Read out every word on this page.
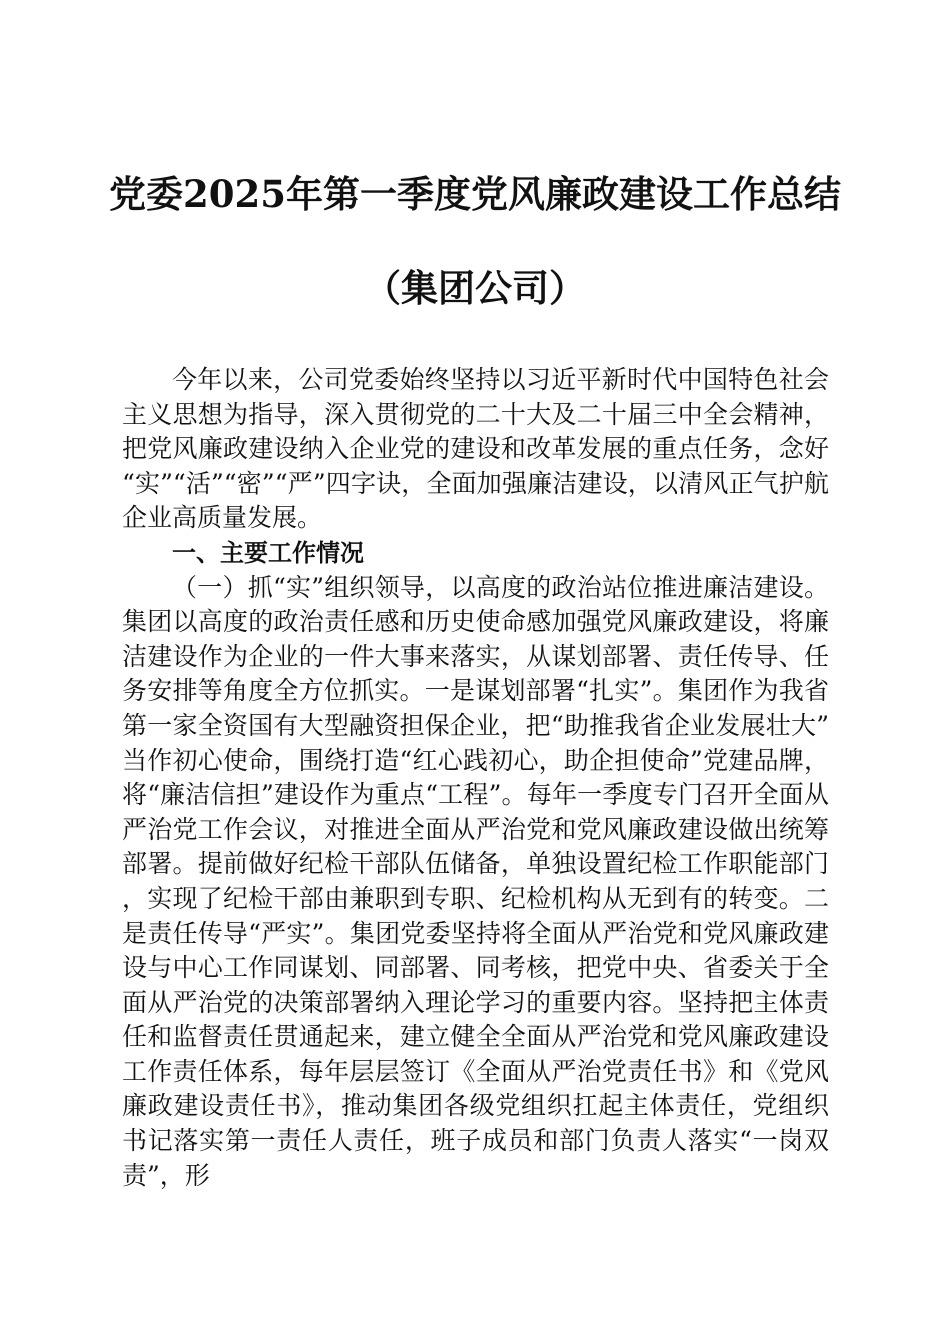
党委2025年第一季度党风廉政建设工作总结
（集团公司）

今年以来，公司党委始终坚持以习近平新时代中国特色社会主义思想为指导，深入贯彻党的二十大及二十届三中全会精神，把党风廉政建设纳入企业党的建设和改革发展的重点任务，念好“实”“活”“密”“严”四字诀，全面加强廉洁建设，以清风正气护航企业高质量发展。

一、主要工作情况

（一）抓“实”组织领导，以高度的政治站位推进廉洁建设。集团以高度的政治责任感和历史使命感加强党风廉政建设，将廉洁建设作为企业的一件大事来落实，从谋划部署、责任传导、任务安排等角度全方位抓实。一是谋划部署“扎实”。集团作为我省第一家全资国有大型融资担保企业，把“助推我省企业发展壮大”当作初心使命，围绕打造“红心践初心，助企担使命”党建品牌，将“廉洁信担”建设作为重点“工程”。每年一季度专门召开全面从严治党工作会议，对推进全面从严治党和党风廉政建设做出统筹部署。提前做好纪检干部队伍储备，单独设置纪检工作职能部门，实现了纪检干部由兼职到专职、纪检机构从无到有的转变。二是责任传导“严实”。集团党委坚持将全面从严治党和党风廉政建设与中心工作同谋划、同部署、同考核，把党中央、省委关于全面从严治党的决策部署纳入理论学习的重要内容。坚持把主体责任和监督责任贯通起来，建立健全全面从严治党和党风廉政建设工作责任体系，每年层层签订《全面从严治党责任书》和《党风廉政建设责任书》，推动集团各级党组织扛起主体责任，党组织书记落实第一责任人责任，班子成员和部门负责人落实“一岗双责”，形
